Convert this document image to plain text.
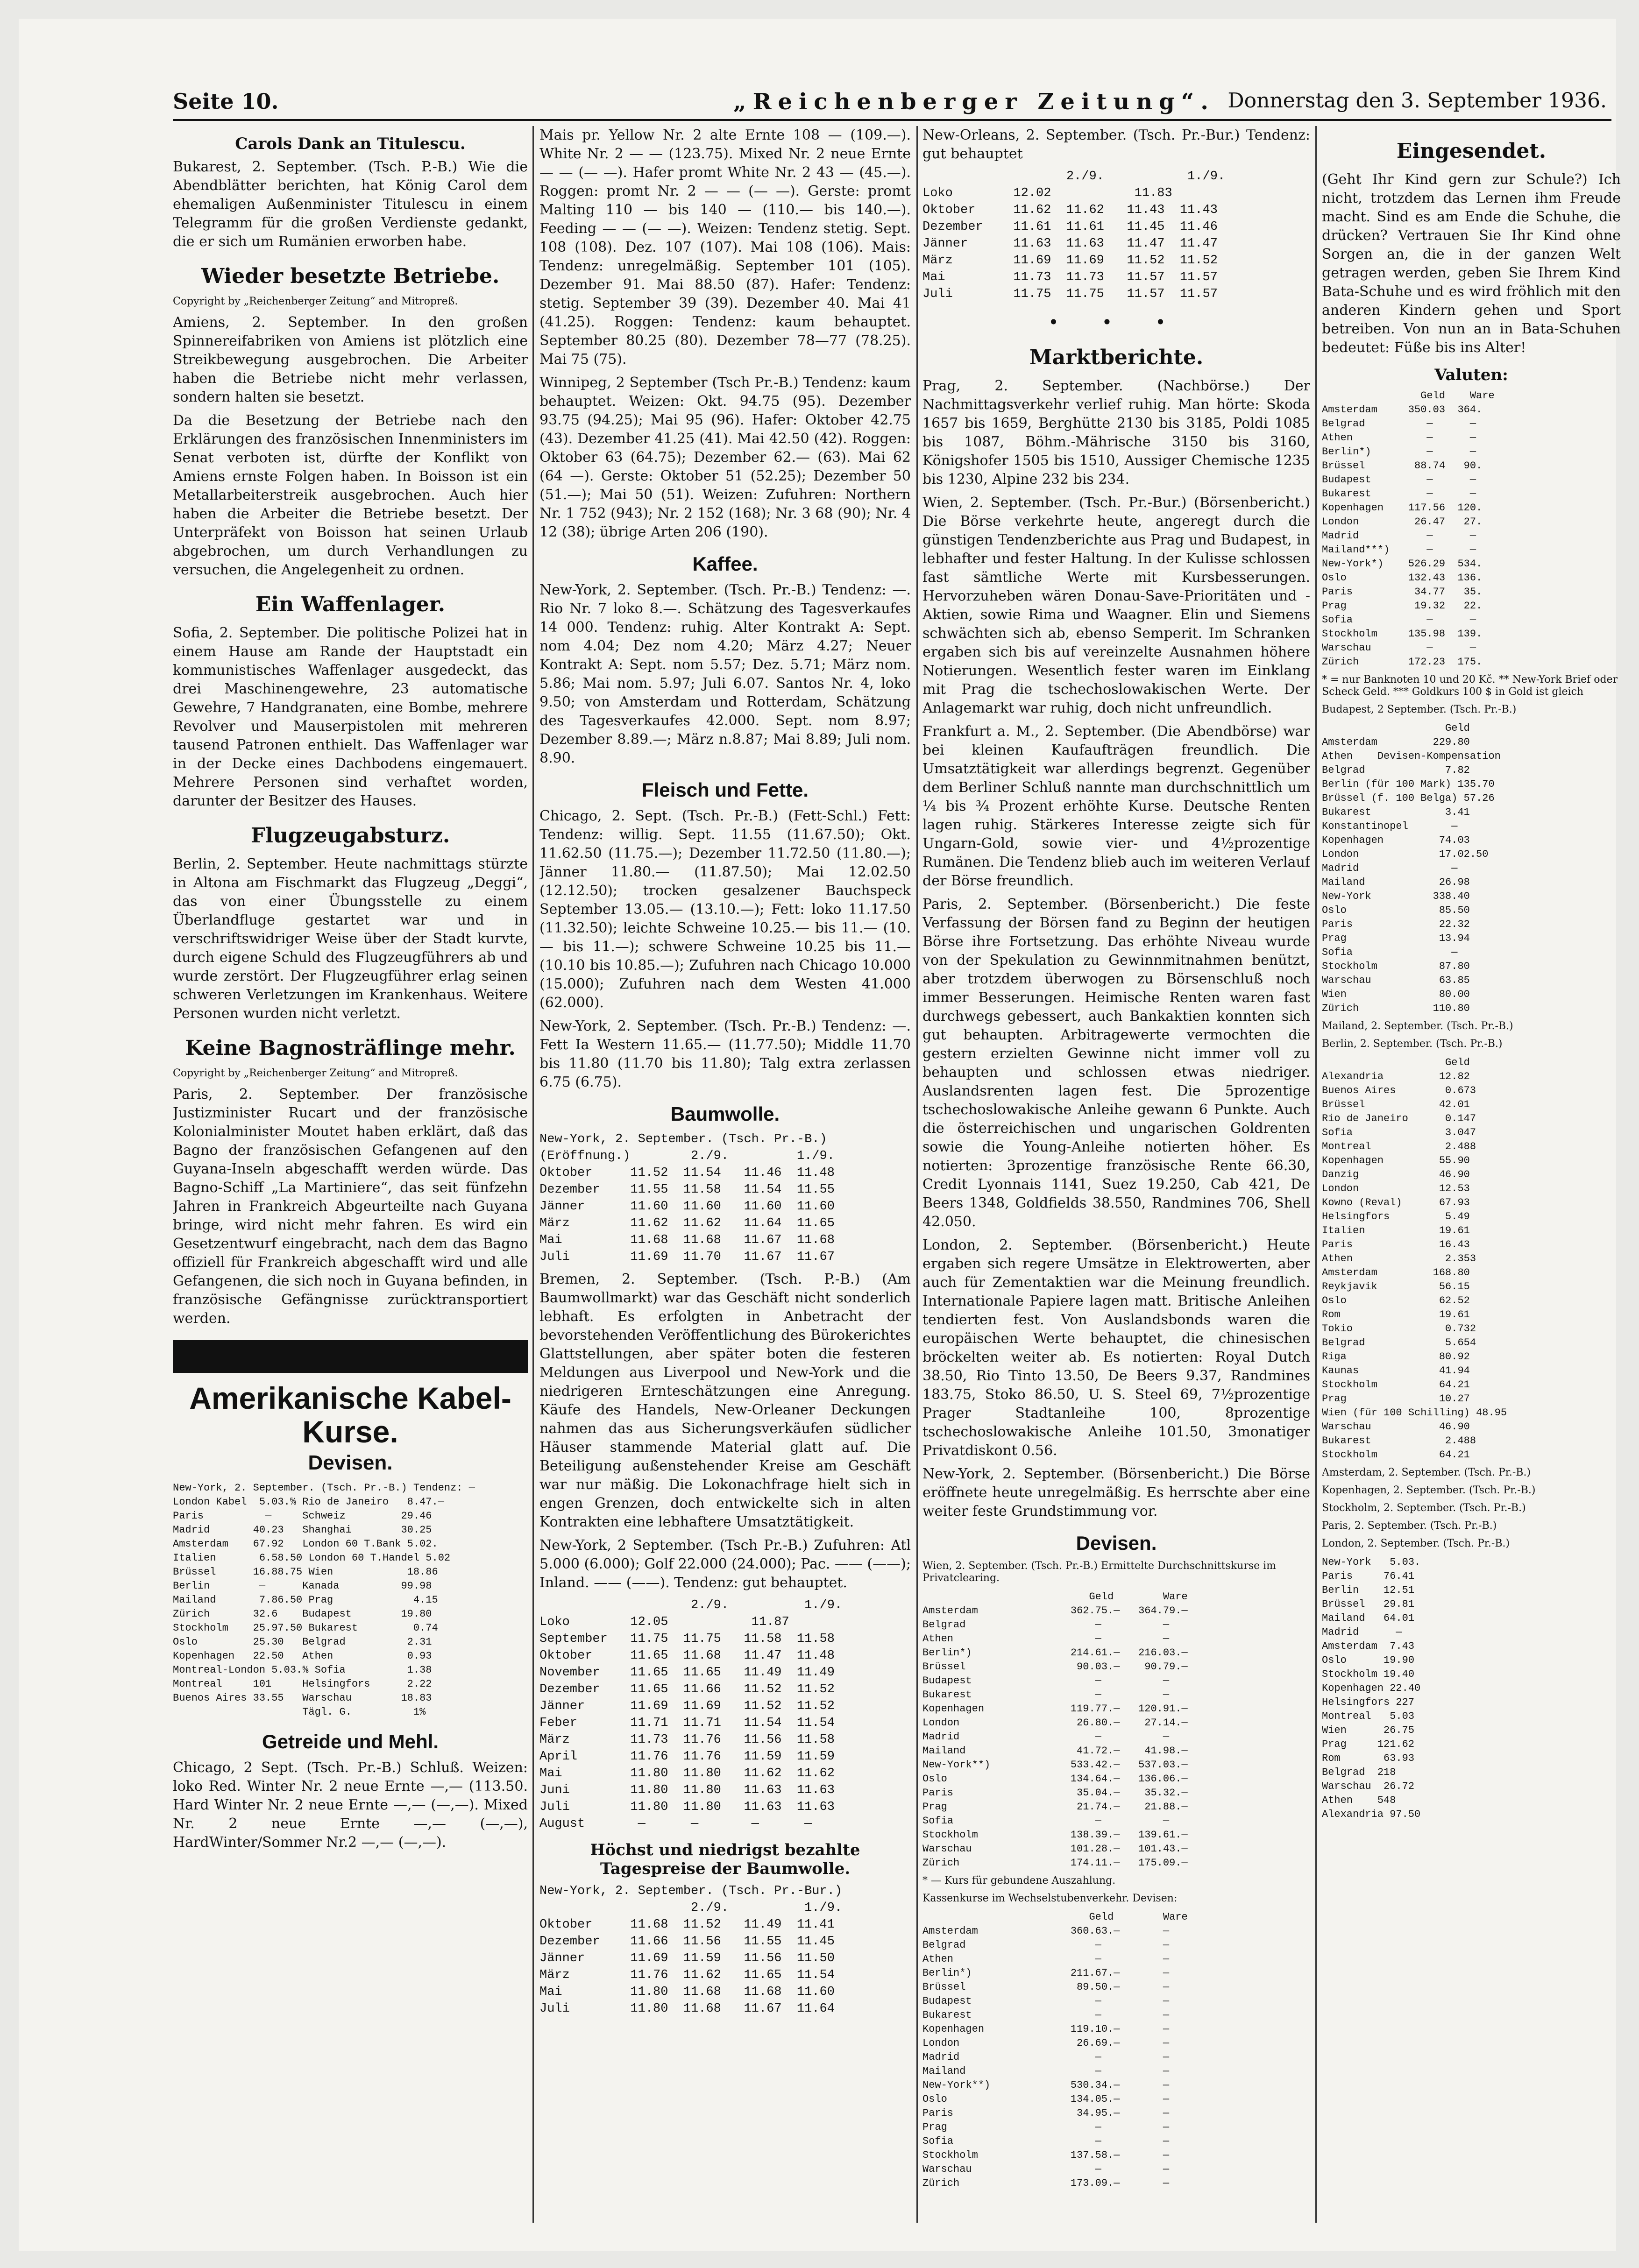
Seite 10.	„Reichenberger Zeitung“. Donnerstag den 3. September 1936.
Carols Dank an Titulescu.

Bukarest, 2. September. (Tsch. P.-B.) Wie die Abendblätter berichten, hat König Carol dem ehemaligen Außenminister Titulescu in einem Telegramm für die großen Verdienste gedankt, die er sich um Rumänien erworben habe.

Wieder besetzte Betriebe.
Copyright by „Reichenberger Zeitung“ and Mitropreß.

Amiens, 2. September. In den großen Spinnereifabriken von Amiens ist plötzlich eine Streikbewegung ausgebrochen. Die Arbeiter haben die Betriebe nicht mehr verlassen, sondern halten sie besetzt.

Da die Besetzung der Betriebe nach den Erklärungen des französischen Innenministers im Senat verboten ist, dürfte der Konflikt von Amiens ernste Folgen haben. In Boisson ist ein Metallarbeiterstreik ausgebrochen. Auch hier haben die Arbeiter die Betriebe besetzt. Der Unterpräfekt von Boisson hat seinen Urlaub abgebrochen, um durch Verhandlungen zu versuchen, die Angelegenheit zu ordnen.

Ein Waffenlager.

Sofia, 2. September. Die politische Polizei hat in einem Hause am Rande der Hauptstadt ein kommunistisches Waffenlager ausgedeckt, das drei Maschinengewehre, 23 automatische Gewehre, 7 Handgranaten, eine Bombe, mehrere Revolver und Mauserpistolen mit mehreren tausend Patronen enthielt. Das Waffenlager war in der Decke eines Dachbodens eingemauert. Mehrere Personen sind verhaftet worden, darunter der Besitzer des Hauses.

Flugzeugabsturz.

Berlin, 2. September. Heute nachmittags stürzte in Altona am Fischmarkt das Flugzeug „Deggi“, das von einer Übungsstelle zu einem Überlandfluge gestartet war und in verschriftswidriger Weise über der Stadt kurvte, durch eigene Schuld des Flugzeugführers ab und wurde zerstört. Der Flugzeugführer erlag seinen schweren Verletzungen im Krankenhaus. Weitere Personen wurden nicht verletzt.

Keine Bagnosträflinge mehr.
Copyright by „Reichenberger Zeitung“ and Mitropreß.

Paris, 2. September. Der französische Justizminister Rucart und der französische Kolonialminister Moutet haben erklärt, daß das Bagno der französischen Gefangenen auf den Guyana-Inseln abgeschafft werden würde. Das Bagno-Schiff „La Martiniere“, das seit fünfzehn Jahren in Frankreich Abgeurteilte nach Guyana bringe, wird nicht mehr fahren. Es wird ein Gesetzentwurf eingebracht, nach dem das Bagno offiziell für Frankreich abgeschafft wird und alle Gefangenen, die sich noch in Guyana befinden, in französische Gefängnisse zurücktransportiert werden.

Amerikanische Kabel-Kurse.
Devisen.
New-York, 2. September. (Tsch. Pr.-B.) Tendenz: —
London Kabel  5.03.⅝ Rio de Janeiro   8.47.—
Paris          —     Schweiz         29.46
Madrid       40.23   Shanghai        30.25
Amsterdam    67.92   London 60 T.Bank 5.02.
Italien       6.58.50 London 60 T.Handel 5.02
Brüssel      16.88.75 Wien            18.86
Berlin        —      Kanada          99.98
Mailand       7.86.50 Prag             4.15
Zürich       32.6    Budapest        19.80
Stockholm    25.97.50 Bukarest         0.74
Oslo         25.30   Belgrad          2.31
Kopenhagen   22.50   Athen            0.93
Montreal-London 5.03.⅝ Sofia          1.38
Montreal     101     Helsingfors      2.22
Buenos Aires 33.55   Warschau        18.83
Tägl. G.          1%
Getreide und Mehl.

Chicago, 2 Sept. (Tsch. Pr.-B.) Schluß. Weizen: loko Red. Winter Nr. 2 neue Ernte —,— (113.50. Hard Winter Nr. 2 neue Ernte —,— (—,—). Mixed Nr. 2 neue Ernte —,— (—,—), HardWinter/Sommer Nr.2 —,— (—,—).

Mais pr. Yellow Nr. 2 alte Ernte 108 — (109.—). White Nr. 2 — — (123.75). Mixed Nr. 2 neue Ernte — — (— —). Hafer promt White Nr. 2 43 — (45.—). Roggen: promt Nr. 2 — — (— —). Gerste: promt Malting 110 — bis 140 — (110.— bis 140.—). Feeding — — (— —). Weizen: Tendenz stetig. Sept. 108 (108). Dez. 107 (107). Mai 108 (106). Mais: Tendenz: unregelmäßig. September 101 (105). Dezember 91. Mai 88.50 (87). Hafer: Tendenz: stetig. September 39 (39). Dezember 40. Mai 41 (41.25). Roggen: Tendenz: kaum behauptet. September 80.25 (80). Dezember 78—77 (78.25). Mai 75 (75).

Winnipeg, 2 September (Tsch Pr.-B.) Tendenz: kaum behauptet. Weizen: Okt. 94.75 (95). Dezember 93.75 (94.25); Mai 95 (96). Hafer: Oktober 42.75 (43). Dezember 41.25 (41). Mai 42.50 (42). Roggen: Oktober 63 (64.75); Dezember 62.— (63). Mai 62 (64 —). Gerste: Oktober 51 (52.25); Dezember 50 (51.—); Mai 50 (51). Weizen: Zufuhren: Northern Nr. 1 752 (943); Nr. 2 152 (168); Nr. 3 68 (90); Nr. 4 12 (38); übrige Arten 206 (190).

Kaffee.

New-York, 2. September. (Tsch. Pr.-B.) Tendenz: —. Rio Nr. 7 loko 8.—. Schätzung des Tagesverkaufes 14 000. Tendenz: ruhig. Alter Kontrakt A: Sept. nom 4.04; Dez nom 4.20; März 4.27; Neuer Kontrakt A: Sept. nom 5.57; Dez. 5.71; März nom. 5.86; Mai nom. 5.97; Juli 6.07. Santos Nr. 4, loko 9.50; von Amsterdam und Rotterdam, Schätzung des Tagesverkaufes 42.000. Sept. nom 8.97; Dezember 8.89.—; März n.8.87; Mai 8.89; Juli nom. 8.90.

Fleisch und Fette.

Chicago, 2. Sept. (Tsch. Pr.-B.) (Fett-Schl.) Fett: Tendenz: willig. Sept. 11.55 (11.67.50); Okt. 11.62.50 (11.75.—); Dezember 11.72.50 (11.80.—); Jänner 11.80.— (11.87.50); Mai 12.02.50 (12.12.50); trocken gesalzener Bauchspeck September 13.05.— (13.10.—); Fett: loko 11.17.50 (11.32.50); leichte Schweine 10.25.— bis 11.— (10.— bis 11.—); schwere Schweine 10.25 bis 11.— (10.10 bis 10.85.—); Zufuhren nach Chicago 10.000 (15.000); Zufuhren nach dem Westen 41.000 (62.000).

New-York, 2. September. (Tsch. Pr.-B.) Tendenz: —. Fett Ia Western 11.65.— (11.77.50); Middle 11.70 bis 11.80 (11.70 bis 11.80); Talg extra zerlassen 6.75 (6.75).

Baumwolle.
New-York, 2. September. (Tsch. Pr.-B.)
(Eröffnung.)        2./9.         1./9.
Oktober     11.52  11.54   11.46  11.48
Dezember    11.55  11.58   11.54  11.55
Jänner      11.60  11.60   11.60  11.60
März        11.62  11.62   11.64  11.65
Mai         11.68  11.68   11.67  11.68
Juli        11.69  11.70   11.67  11.67

Bremen, 2. September. (Tsch. P.-B.) (Am Baumwollmarkt) war das Geschäft nicht sonderlich lebhaft. Es erfolgten in Anbetracht der bevorstehenden Veröffentlichung des Bürokerichtes Glattstellungen, aber später boten die festeren Meldungen aus Liverpool und New-York und die niedrigeren Ernteschätzungen eine Anregung. Käufe des Handels, New-Orleaner Deckungen nahmen das aus Sicherungsverkäufen südlicher Häuser stammende Material glatt auf. Die Beteiligung außenstehender Kreise am Geschäft war nur mäßig. Die Lokonachfrage hielt sich in engen Grenzen, doch entwickelte sich in alten Kontrakten eine lebhaftere Umsatztätigkeit.

New-York, 2 September. (Tsch Pr.-B.) Zufuhren: Atl 5.000 (6.000); Golf 22.000 (24.000); Pac. —— (——); Inland. —— (——). Tendenz: gut behauptet.

2./9.          1./9.
Loko        12.05           11.87
September   11.75  11.75   11.58  11.58
Oktober     11.65  11.68   11.47  11.48
November    11.65  11.65   11.49  11.49
Dezember    11.65  11.66   11.52  11.52
Jänner      11.69  11.69   11.52  11.52
Feber       11.71  11.71   11.54  11.54
März        11.73  11.76   11.56  11.58
April       11.76  11.76   11.59  11.59
Mai         11.80  11.80   11.62  11.62
Juni        11.80  11.80   11.63  11.63
Juli        11.80  11.80   11.63  11.63
August       —      —       —      —
Höchst und niedrigst bezahlte Tagespreise der Baumwolle.
New-York, 2. September. (Tsch. Pr.-Bur.)
2./9.          1./9.
Oktober     11.68  11.52   11.49  11.41
Dezember    11.66  11.56   11.55  11.45
Jänner      11.69  11.59   11.56  11.50
März        11.76  11.62   11.65  11.54
Mai         11.80  11.68   11.68  11.60
Juli        11.80  11.68   11.67  11.64

New-Orleans, 2. September. (Tsch. Pr.-Bur.) Tendenz: gut behauptet

2./9.           1./9.
Loko        12.02           11.83
Oktober     11.62  11.62   11.43  11.43
Dezember    11.61  11.61   11.45  11.46
Jänner      11.63  11.63   11.47  11.47
März        11.69  11.69   11.52  11.52
Mai         11.73  11.73   11.57  11.57
Juli        11.75  11.75   11.57  11.57
• • •
Marktberichte.

Prag, 2. September. (Nachbörse.) Der Nachmittagsverkehr verlief ruhig. Man hörte: Skoda 1657 bis 1659, Berghütte 2130 bis 3185, Poldi 1085 bis 1087, Böhm.-Mährische 3150 bis 3160, Königshofer 1505 bis 1510, Aussiger Chemische 1235 bis 1230, Alpine 232 bis 234.

Wien, 2. September. (Tsch. Pr.-Bur.) (Börsenbericht.) Die Börse verkehrte heute, angeregt durch die günstigen Tendenzberichte aus Prag und Budapest, in lebhafter und fester Haltung. In der Kulisse schlossen fast sämtliche Werte mit Kursbesserungen. Hervorzuheben wären Donau-Save-Prioritäten und -Aktien, sowie Rima und Waagner. Elin und Siemens schwächten sich ab, ebenso Semperit. Im Schranken ergaben sich bis auf vereinzelte Ausnahmen höhere Notierungen. Wesentlich fester waren im Einklang mit Prag die tschechoslowakischen Werte. Der Anlagemarkt war ruhig, doch nicht unfreundlich.

Frankfurt a. M., 2. September. (Die Abendbörse) war bei kleinen Kaufaufträgen freundlich. Die Umsatztätigkeit war allerdings begrenzt. Gegenüber dem Berliner Schluß nannte man durchschnittlich um ¼ bis ¾ Prozent erhöhte Kurse. Deutsche Renten lagen ruhig. Stärkeres Interesse zeigte sich für Ungarn-Gold, sowie vier- und 4½prozentige Rumänen. Die Tendenz blieb auch im weiteren Verlauf der Börse freundlich.

Paris, 2. September. (Börsenbericht.) Die feste Verfassung der Börsen fand zu Beginn der heutigen Börse ihre Fortsetzung. Das erhöhte Niveau wurde von der Spekulation zu Gewinnmitnahmen benützt, aber trotzdem überwogen zu Börsenschluß noch immer Besserungen. Heimische Renten waren fast durchwegs gebessert, auch Bankaktien konnten sich gut behaupten. Arbitragewerte vermochten die gestern erzielten Gewinne nicht immer voll zu behaupten und schlossen etwas niedriger. Auslandsrenten lagen fest. Die 5prozentige tschechoslowakische Anleihe gewann 6 Punkte. Auch die österreichischen und ungarischen Goldrenten sowie die Young-Anleihe notierten höher. Es notierten: 3prozentige französische Rente 66.30, Credit Lyonnais 1141, Suez 19.250, Cab 421, De Beers 1348, Goldfields 38.550, Randmines 706, Shell 42.050.

London, 2. September. (Börsenbericht.) Heute ergaben sich regere Umsätze in Elektrowerten, aber auch für Zementaktien war die Meinung freundlich. Internationale Papiere lagen matt. Britische Anleihen tendierten fest. Von Auslandsbonds waren die europäischen Werte behauptet, die chinesischen bröckelten weiter ab. Es notierten: Royal Dutch 38.50, Rio Tinto 13.50, De Beers 9.37, Randmines 183.75, Stoko 86.50, U. S. Steel 69, 7½prozentige Prager Stadtanleihe 100, 8prozentige tschechoslowakische Anleihe 101.50, 3monatiger Privatdiskont 0.56.

New-York, 2. September. (Börsenbericht.) Die Börse eröffnete heute unregelmäßig. Es herrschte aber eine weiter feste Grundstimmung vor.

Devisen.
Wien, 2. September. (Tsch. Pr.-B.) Ermittelte Durchschnittskurse im Privatclearing.
Geld        Ware
Amsterdam               362.75.—   364.79.—
Belgrad                     —          —
Athen                       —          —
Berlin*)                214.61.—   216.03.—
Brüssel                  90.03.—    90.79.—
Budapest                    —          —
Bukarest                    —          —
Kopenhagen              119.77.—   120.91.—
London                   26.80.—    27.14.—
Madrid                      —          —
Mailand                  41.72.—    41.98.—
New-York**)             533.42.—   537.03.—
Oslo                    134.64.—   136.06.—
Paris                    35.04.—    35.32.—
Prag                     21.74.—    21.88.—
Sofia                       —          —
Stockholm               138.39.—   139.61.—
Warschau                101.28.—   101.43.—
Zürich                  174.11.—   175.09.—
* — Kurs für gebundene Auszahlung.
Kassenkurse im Wechselstubenverkehr. Devisen:
Geld        Ware
Amsterdam               360.63.—       —
Belgrad                     —          —
Athen                       —          —
Berlin*)                211.67.—       —
Brüssel                  89.50.—       —
Budapest                    —          —
Bukarest                    —          —
Kopenhagen              119.10.—       —
London                   26.69.—       —
Madrid                      —          —
Mailand                     —          —
New-York**)             530.34.—       —
Oslo                    134.05.—       —
Paris                    34.95.—       —
Prag                        —          —
Sofia                       —          —
Stockholm               137.58.—       —
Warschau                    —          —
Zürich                  173.09.—       —
Eingesendet.

(Geht Ihr Kind gern zur Schule?) Ich nicht, trotzdem das Lernen ihm Freude macht. Sind es am Ende die Schuhe, die drücken? Vertrauen Sie Ihr Kind ohne Sorgen an, die in der ganzen Welt getragen werden, geben Sie Ihrem Kind Bata-Schuhe und es wird fröhlich mit den anderen Kindern gehen und Sport betreiben. Von nun an in Bata-Schuhen bedeutet: Füße bis ins Alter!

Valuten:
Geld    Ware
Amsterdam     350.03  364.
Belgrad          —      —
Athen            —      —
Berlin*)         —      —
Brüssel        88.74   90.
Budapest         —      —
Bukarest         —      —
Kopenhagen    117.56  120.
London         26.47   27.
Madrid           —      —
Mailand***)      —      —
New-York*)    526.29  534.
Oslo          132.43  136.
Paris          34.77   35.
Prag           19.32   22.
Sofia            —      —
Stockholm     135.98  139.
Warschau         —      —
Zürich        172.23  175.
* = nur Banknoten 10 und 20 Kč. ** New-York Brief oder Scheck Geld. *** Goldkurs 100 $ in Gold ist gleich
Budapest, 2 September. (Tsch. Pr.-B.)
Geld
Amsterdam         229.80
Athen    Devisen-Kompensation
Belgrad             7.82
Berlin (für 100 Mark) 135.70
Brüssel (f. 100 Belga) 57.26
Bukarest            3.41
Konstantinopel       —
Kopenhagen         74.03
London             17.02.50
Madrid               —
Mailand            26.98
New-York          338.40
Oslo               85.50
Paris              22.32
Prag               13.94
Sofia                —
Stockholm          87.80
Warschau           63.85
Wien               80.00
Zürich            110.80
Mailand, 2. September. (Tsch. Pr.-B.)
Berlin, 2. September. (Tsch. Pr.-B.)
Geld
Alexandria         12.82
Buenos Aires        0.673
Brüssel            42.01
Rio de Janeiro      0.147
Sofia               3.047
Montreal            2.488
Kopenhagen         55.90
Danzig             46.90
London             12.53
Kowno (Reval)      67.93
Helsingfors         5.49
Italien            19.61
Paris              16.43
Athen               2.353
Amsterdam         168.80
Reykjavik          56.15
Oslo               62.52
Rom                19.61
Tokio               0.732
Belgrad             5.654
Riga               80.92
Kaunas             41.94
Stockholm          64.21
Prag               10.27
Wien (für 100 Schilling) 48.95
Warschau           46.90
Bukarest            2.488
Stockholm          64.21
Amsterdam, 2. September. (Tsch. Pr.-B.)
Kopenhagen, 2. September. (Tsch. Pr.-B.)
Stockholm, 2. September. (Tsch. Pr.-B.)
Paris, 2. September. (Tsch. Pr.-B.)
London, 2. September. (Tsch. Pr.-B.)
New-York   5.03.
Paris     76.41
Berlin    12.51
Brüssel   29.81
Mailand   64.01
Madrid      —
Amsterdam  7.43
Oslo      19.90
Stockholm 19.40
Kopenhagen 22.40
Helsingfors 227
Montreal   5.03
Wien      26.75
Prag     121.62
Rom       63.93
Belgrad  218
Warschau  26.72
Athen    548
Alexandria 97.50
